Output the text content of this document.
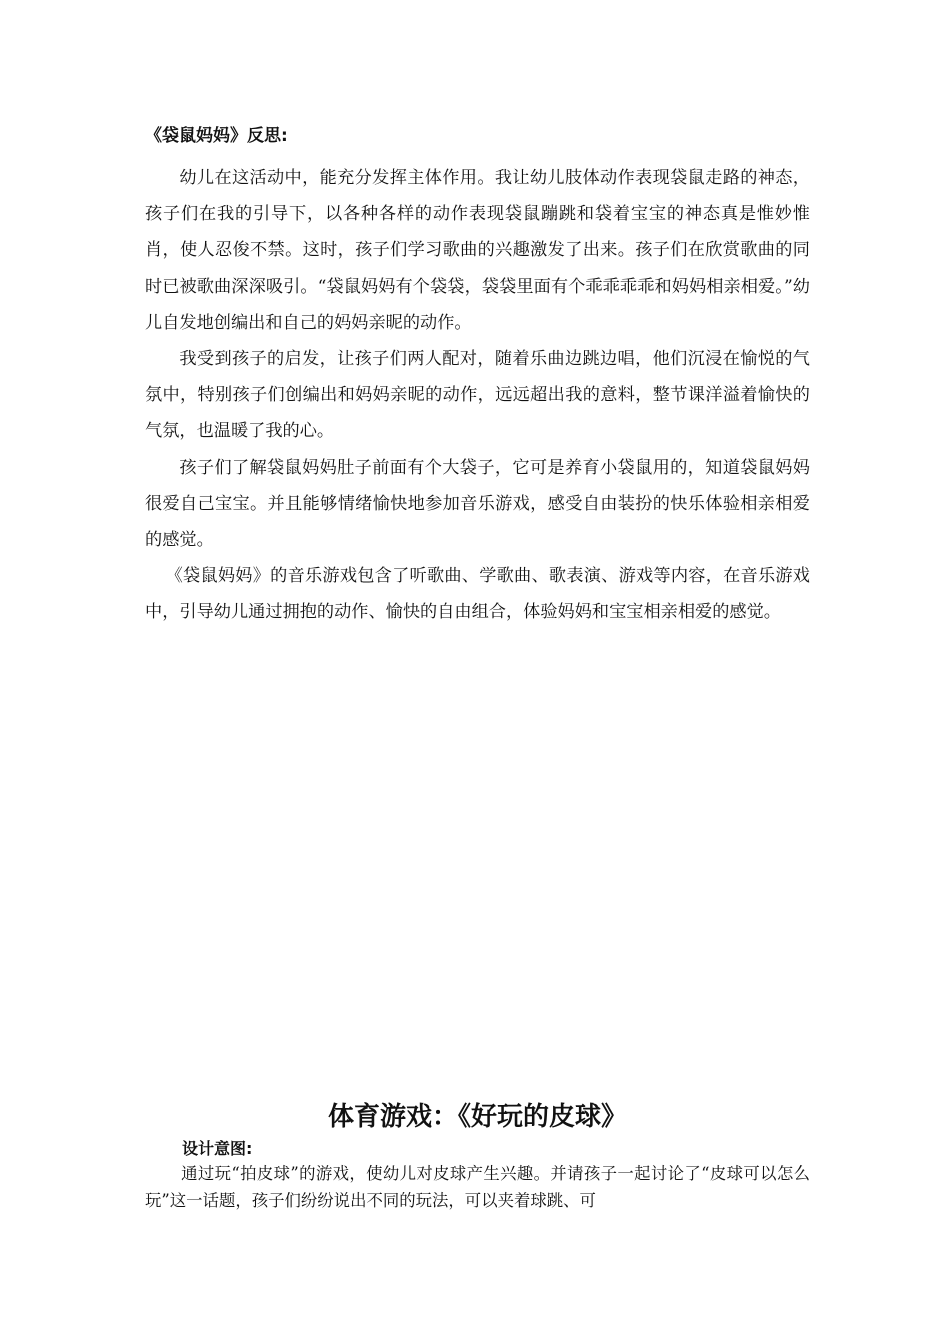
《袋鼠妈妈》反思:

幼儿在这活动中，能充分发挥主体作用。我让幼儿肢体动作表现袋鼠走路的神态，孩子们在我的引导下，以各种各样的动作表现袋鼠蹦跳和袋着宝宝的神态真是惟妙惟肖，使人忍俊不禁。这时，孩子们学习歌曲的兴趣激发了出来。孩子们在欣赏歌曲的同时已被歌曲深深吸引。“袋鼠妈妈有个袋袋，袋袋里面有个乖乖乖乖和妈妈相亲相爱。”幼儿自发地创编出和自己的妈妈亲昵的动作。

我受到孩子的启发，让孩子们两人配对，随着乐曲边跳边唱，他们沉浸在愉悦的气氛中，特别孩子们创编出和妈妈亲昵的动作，远远超出我的意料，整节课洋溢着愉快的气氛，也温暖了我的心。

孩子们了解袋鼠妈妈肚子前面有个大袋子，它可是养育小袋鼠用的，知道袋鼠妈妈很爱自己宝宝。并且能够情绪愉快地参加音乐游戏，感受自由装扮的快乐体验相亲相爱的感觉。

《袋鼠妈妈》的音乐游戏包含了听歌曲、学歌曲、歌表演、游戏等内容，在音乐游戏中，引导幼儿通过拥抱的动作、愉快的自由组合，体验妈妈和宝宝相亲相爱的感觉。

体育游戏：《好玩的皮球》
设计意图:

通过玩“拍皮球”的游戏，使幼儿对皮球产生兴趣。并请孩子一起讨论了“皮球可以怎么玩”这一话题，孩子们纷纷说出不同的玩法，可以夹着球跳、可
